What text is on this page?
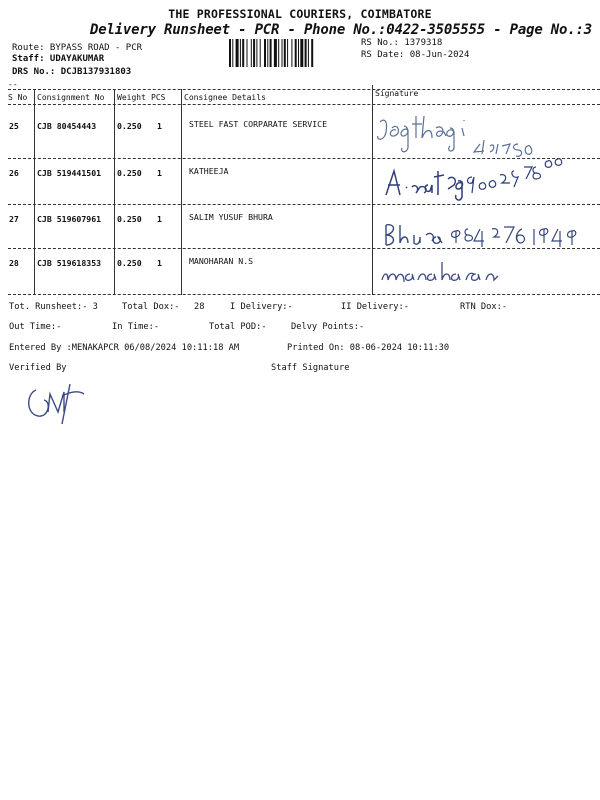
THE PROFESSIONAL COURIERS, COIMBATORE
Delivery Runsheet - PCR - Phone No.:0422-3505555 - Page No.:3
Route: BYPASS ROAD - PCR
Staff: UDAYAKUMAR
DRS No.: DCJB137931803
RS No.: 1379318
RS Date: 08-Jun-2024
--
S No Consignment No Weight PCS Consignee Details	Signature
25 CJB 80454443	0.250 1	STEEL FAST CORPARATE SERVICE
26 CJB 519441501 0.250 1	KATHEEJA
27 CJB 519607961 0.250 1	SALIM YUSUF BHURA
28 CJB 519618353 0.250 1	MANOHARAN N.S
Tot. Runsheet:- 3	Total Dox:- 28	I Delivery:-	II Delivery:-	RTN Dox:-
Out Time:-	In Time:-	Total POD:-	Delvy Points:-
Entered By :MENAKAPCR 06/08/2024 10:11:18 AM	Printed On: 08-06-2024 10:11:30
Verified By	Staff Signature
